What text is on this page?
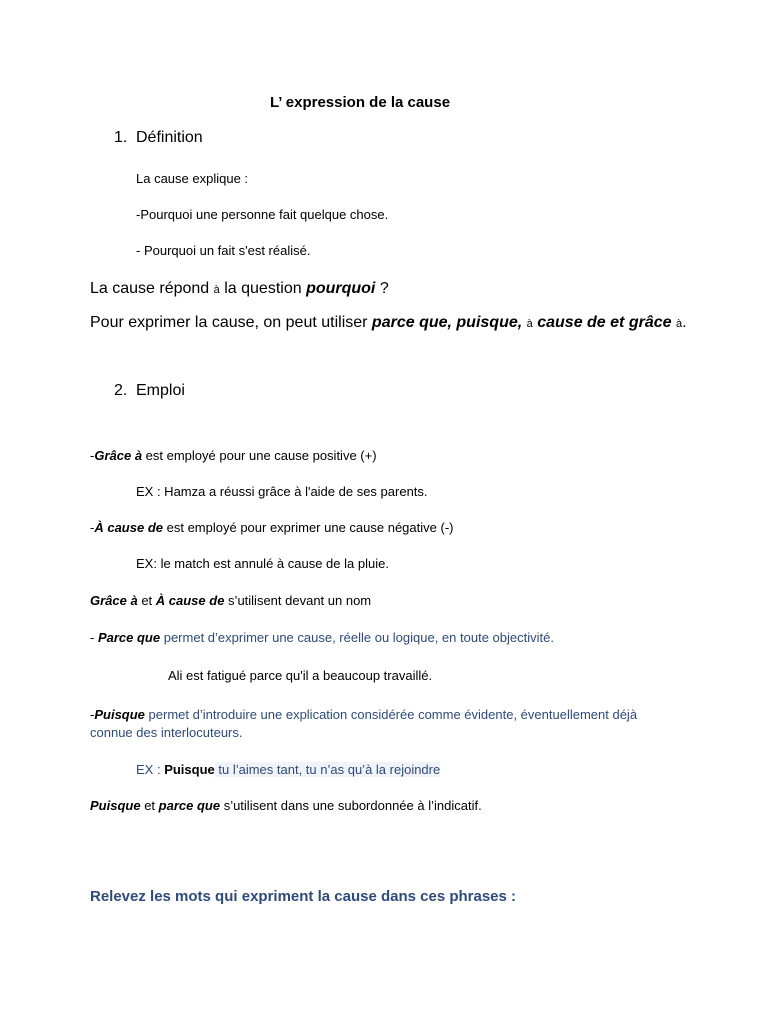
L’ expression de la cause
1. Définition
La cause explique :
-Pourquoi une personne fait quelque chose.
- Pourquoi un fait s'est réalisé.
La cause répond à la question pourquoi ?
Pour exprimer la cause, on peut utiliser parce que, puisque, à cause de et grâce à.
2. Emploi
-Grâce à est employé pour une cause positive (+)
EX : Hamza a réussi grâce à l'aide de ses parents.
-À cause de est employé pour exprimer une cause négative (-)
EX: le match est annulé à cause de la pluie.
Grâce à et À cause de s’utilisent devant un nom
- Parce que permet d’exprimer une cause, réelle ou logique, en toute objectivité.
Ali est fatigué parce qu'il a beaucoup travaillé.
-Puisque permet d’introduire une explication considérée comme évidente, éventuellement déjà connue des interlocuteurs.
EX : Puisque tu l’aimes tant, tu n’as qu’à la rejoindre
Puisque et parce que s’utilisent dans une subordonnée à l’indicatif.
Relevez les mots qui expriment la cause dans ces phrases :
